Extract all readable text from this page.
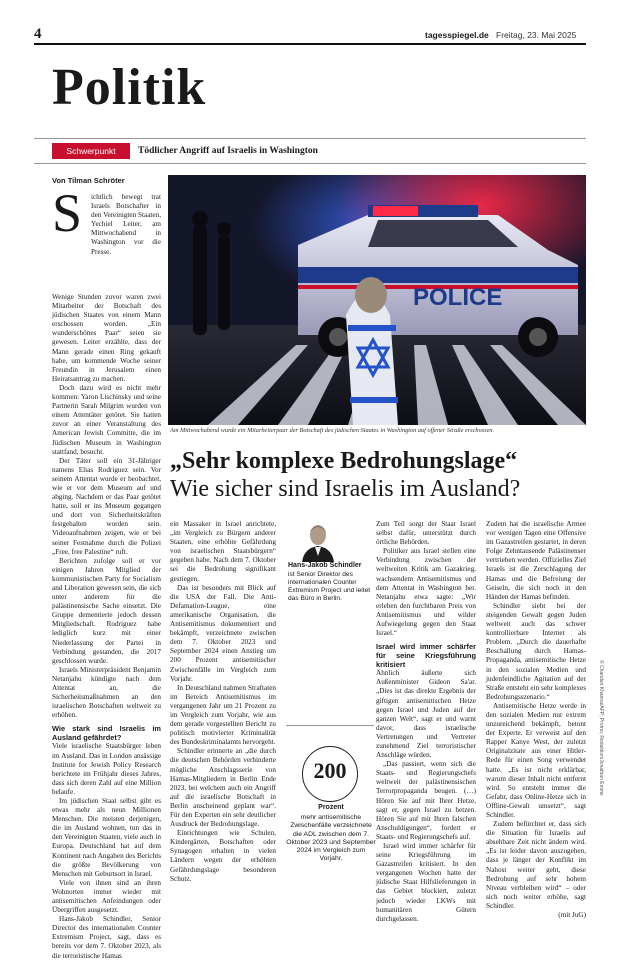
4	tagesspiegel.de Freitag, 23. Mai 2025
Politik
Schwerpunkt	Tödlicher Angriff auf Israelis in Washington
Von Tilman Schröter
S ichtlich bewegt trat Israels Botschafter in den Vereinigten Staaten, Yechiel Leiter, am Mittwochabend in Washington vor die Presse.

Wenige Stunden zuvor waren zwei Mitarbeiter der Botschaft des jüdischen Staates von einem Mann erschossen worden. „Ein wunderschönes Paar“ seien sie gewesen. Leiter erzählte, dass der Mann gerade einen Ring gekauft habe, um kommende Woche seiner Freundin in Jerusalem einen Heiratsantrag zu machen.

Doch dazu wird es nicht mehr kommen: Yaron Lischinsky und seine Partnerin Sarah Milgrim wurden von einem Attentäter getötet. Sie hatten zuvor an einer Veranstaltung des American Jewish Committe, die im Jüdischen Museum in Washington stattfand, besucht.

Der Täter soll ein 31-Jähriger namens Elias Rodriguez sein. Vor seinem Attentat wurde er beobachtet, wie er vor dem Museum auf und abging. Nachdem er das Paar getötet hatte, soll er ins Museum gegangen und dort von Sicherheitskräften festgehalten worden sein. Videoaufnahmen zeigen, wie er bei seiner Festnahme durch die Polizei „Free, free Palestine“ ruft.

Berichten zufolge soll er vor einigen Jahren Mitglied der kommunistischen Party for Socialism and Liberation gewesen sein, die sich unter anderem für die palästinensische Sache einsetzt. Die Gruppe dementierte jedoch dessen Mitgliedschaft. Rodriguez habe lediglich kurz mit einer Niederlassung der Partei in Verbindung gestanden, die 2017 geschlossen wurde.

Israels Ministerpräsident Benjamin Netanjahu kündigte nach dem Attentat an, die Sicherheitsmaßnahmen an den israelischen Botschaften weltweit zu erhöhen.

Wie stark sind Israelis im Ausland gefährdet?

Viele israelische Staatsbürger leben im Ausland. Das in London ansässige Institute for Jewish Policy Research berichtete im Frühjahr dieses Jahres, dass sich deren Zahl auf eine Million belaufe.

Im jüdischen Staat selbst gibt es etwas mehr als neun Millionen Menschen. Die meisten derjenigen, die im Ausland wohnen, tun das in den Vereinigten Staaten, viele auch in Europa. Deutschland hat auf dem Kontinent nach Angaben des Berichts die größte Bevölkerung von Menschen mit Geburtsort in Israel.

Viele von ihnen sind an ihren Wohnorten immer wieder mit antisemitischen Anfeindungen oder Übergriffen ausgesetzt.

Hans-Jakob Schindler, Senior Director des internationalen Counter Extremism Project, sagt, dass es bereits vor dem 7. Oktober 2023, als die terroristische Hamas

POLICE
Am Mittwochabend wurde ein Mitarbeiterpaar der Botschaft des jüdischen Staates in Washington auf offener Straße erschossen.
„Sehr komplexe Bedrohungslage“
Wie sicher sind Israelis im Ausland?

ein Massaker in Israel anrichtete, „im Vergleich zu Bürgern anderer Staaten, eine erhöhte Gefährdung von israelischen Staatsbürgern“ gegeben habe. Nach dem 7. Oktober sei die Bedrohung signifikant gestiegen.

Das ist besonders mit Blick auf die USA der Fall. Die Anti-Defamation-League, eine amerikanische Organisation, die Antisemitismus dokumentiert und bekämpft, verzeichnete zwischen dem 7. Oktober 2023 und September 2024 einen Anstieg um 200 Prozent antisemitischer Zwischenfälle im Vergleich zum Vorjahr.

In Deutschland nahmen Straftaten im Bereich Antisemitismus im vergangenen Jahr um 21 Prozent zu im Vergleich zum Vorjahr, wie aus dem gerade vorgestellten Bericht zu politisch motivierter Kriminalität des Bundeskriminalamts hervorgeht.

Schindler erinnerte an „die durch die deutschen Behörden verhinderte mögliche Anschlagsserie von Hamas-Mitgliedern in Berlin Ende 2023, bei welchem auch ein Angriff auf die israelische Botschaft in Berlin anscheinend geplant war“. Für den Experten ein sehr deutlicher Ausdruck der Bedrohungslage.

Einrichtungen wie Schulen, Kindergärten, Botschaften oder Synagogen erhalten in vielen Ländern wegen der erhöhten Gefährdungslage besonderen Schutz.

Hans-Jakob Schindler
ist Senior Direktor des internationalen Counter Extremism Project und leitet das Büro in Berlin.
200
Prozent
mehr antisemitische Zwischenfälle verzeichnete die ADL zwischen dem 7. Oktober 2023 und September 2024 im Vergleich zum Vorjahr.

Zum Teil sorgt der Staat Israel selbst dafür, unterstützt durch örtliche Behörden.

Politiker aus Israel stellen eine Verbindung zwischen der weltweiten Kritik am Gazakrieg, wachsendem Antisemitismus und dem Attentat in Washington her. Netanjahu etwa sagte: „Wir erleben den furchtbaren Preis von Antisemitismus und wilder Aufwiegelung gegen den Staat Israel.“

Israel wird immer schärfer für seine Kriegsführung kritisiert

Ähnlich äußerte sich Außenminister Gideon Sa'ar. „Dies ist das direkte Ergebnis der giftigen antisemitischen Hetze gegen Israel und Juden auf der ganzen Welt“, sagt er und warnt davor, dass israelische Vertretungen und Vertreter zunehmend Ziel terroristischer Anschläge würden.

„Das passiert, wenn sich die Staats- und Regierungschefs weltweit der palästinensischen Terrorpropaganda beugen. (…) Hören Sie auf mit Ihrer Hetze, sagt er, gegen Israel zu hetzen. Hören Sie auf mit Ihren falschen Anschuldigungen“, fordert er Staats- und Regierungschefs auf.

Israel wird immer schärfer für seine Kriegsführung im Gazastreifen kritisiert. In den vergangenen Wochen hatte der jüdische Staat Hilfslieferungen in das Gebiet blockiert, zuletzt jedoch wieder LKWs mit humanitären Gütern durchgelassen.

Zudem hat die israelische Armee vor wenigen Tagen eine Offensive im Gazastreifen gestartet, in deren Folge Zehntausende Palästinenser vertrieben werden. Offizielles Ziel Israels ist die Zerschlagung der Hamas und die Befreiung der Geiseln, die sich noch in den Händen der Hamas befinden.

Schindler sieht bei der steigenden Gewalt gegen Juden weltweit auch das schwer kontrollierbare Internet als Problem. „Durch die dauerhafte Beschallung durch Hamas-Propaganda, antisemitische Hetze in den sozialen Medien und judenfeindliche Agitation auf der Straße entsteht ein sehr komplexes Bedrohungsszenario.“

Antisemitische Hetze werde in den sozialen Medien nur extrem unzureichend bekämpft, betont der Experte. Er verweist auf den Rapper Kanye West, der zuletzt Originalzitate aus einer Hitler-Rede für einen Song verwendet hatte. „Es ist nicht erklärbar, warum dieser Inhalt nicht entfernt wird. So entsteht immer die Gefahr, dass Online-Hetze sich in Offline-Gewalt umsetzt“, sagt Schindler.

Zudem befürchtet er, dass sich die Situation für Israelis auf absehbare Zeit nicht ändern wird. „Es ist leider davon auszugehen, dass je länger der Konflikt im Nahost weiter geht, diese Bedrohung auf sehr hohem Niveau verbleiben wird“ – oder sich noch weiter erhöhe, sagt Schindler.

(mit JuG)

© Chandan Khanna/AFP; Promo; Redaktion/Jonathan Emme
